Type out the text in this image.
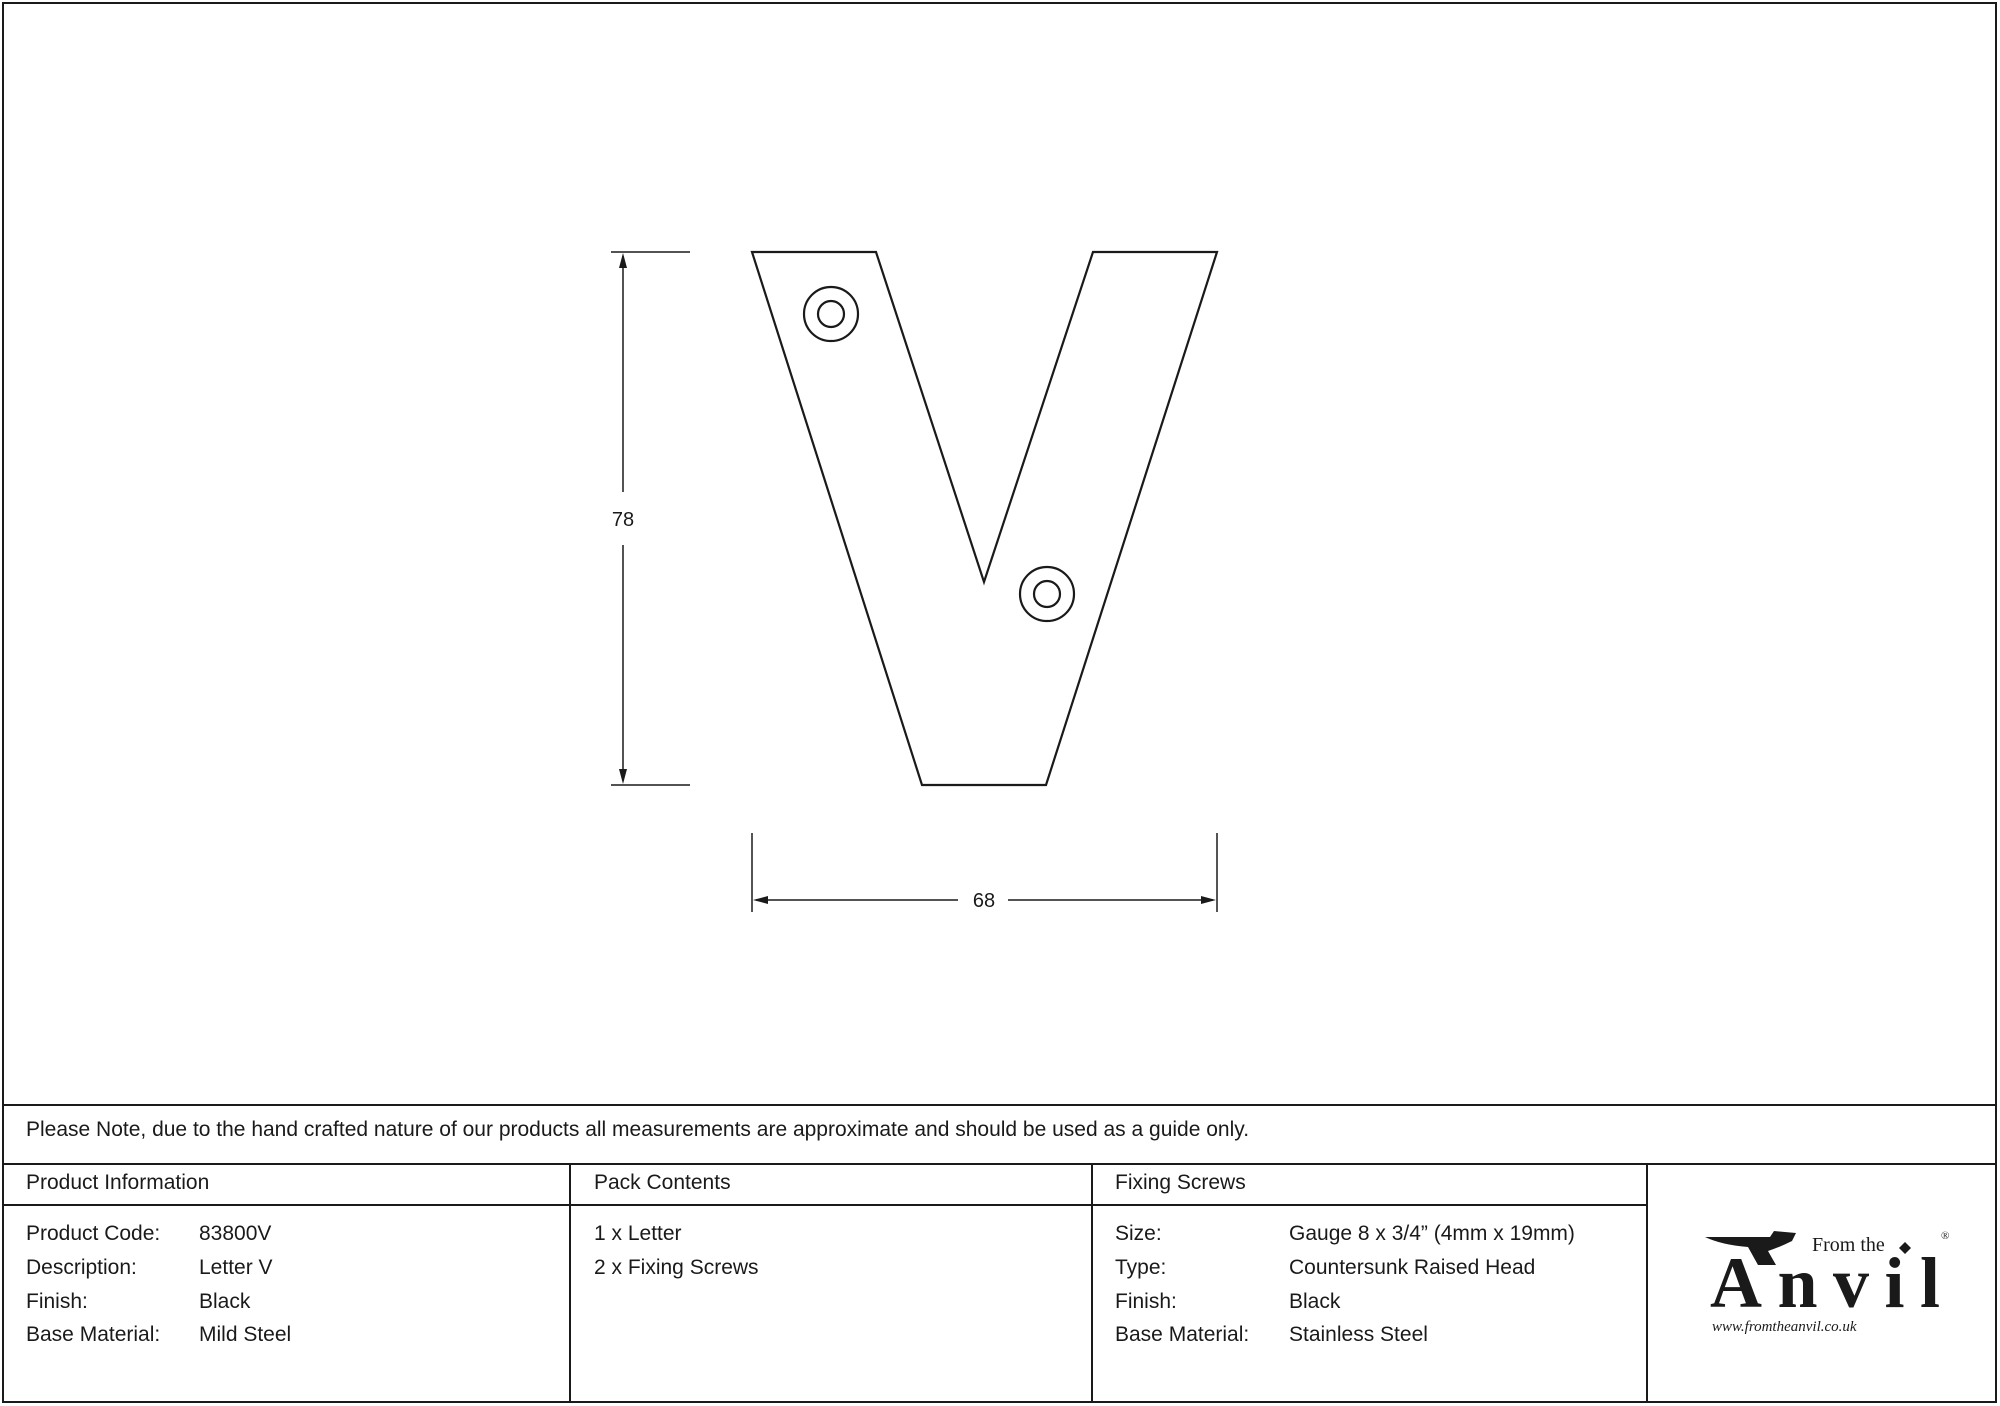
78
68
Please Note, due to the hand crafted nature of our products all measurements are approximate and should be used as a guide only.
Product Information
Product Code: 83800V
Description:	Letter V
Finish:	Black
Base Material: Mild Steel
Pack Contents
1 x Letter
2 x Fixing Screws
Fixing Screws
Size:	Gauge 8 x 3/4” (4mm x 19mm)
Type:	Countersunk Raised Head
Finish:	Black
Base Material: Stainless Steel
From the	®
Anvil
www.fromtheanvil.co.uk
